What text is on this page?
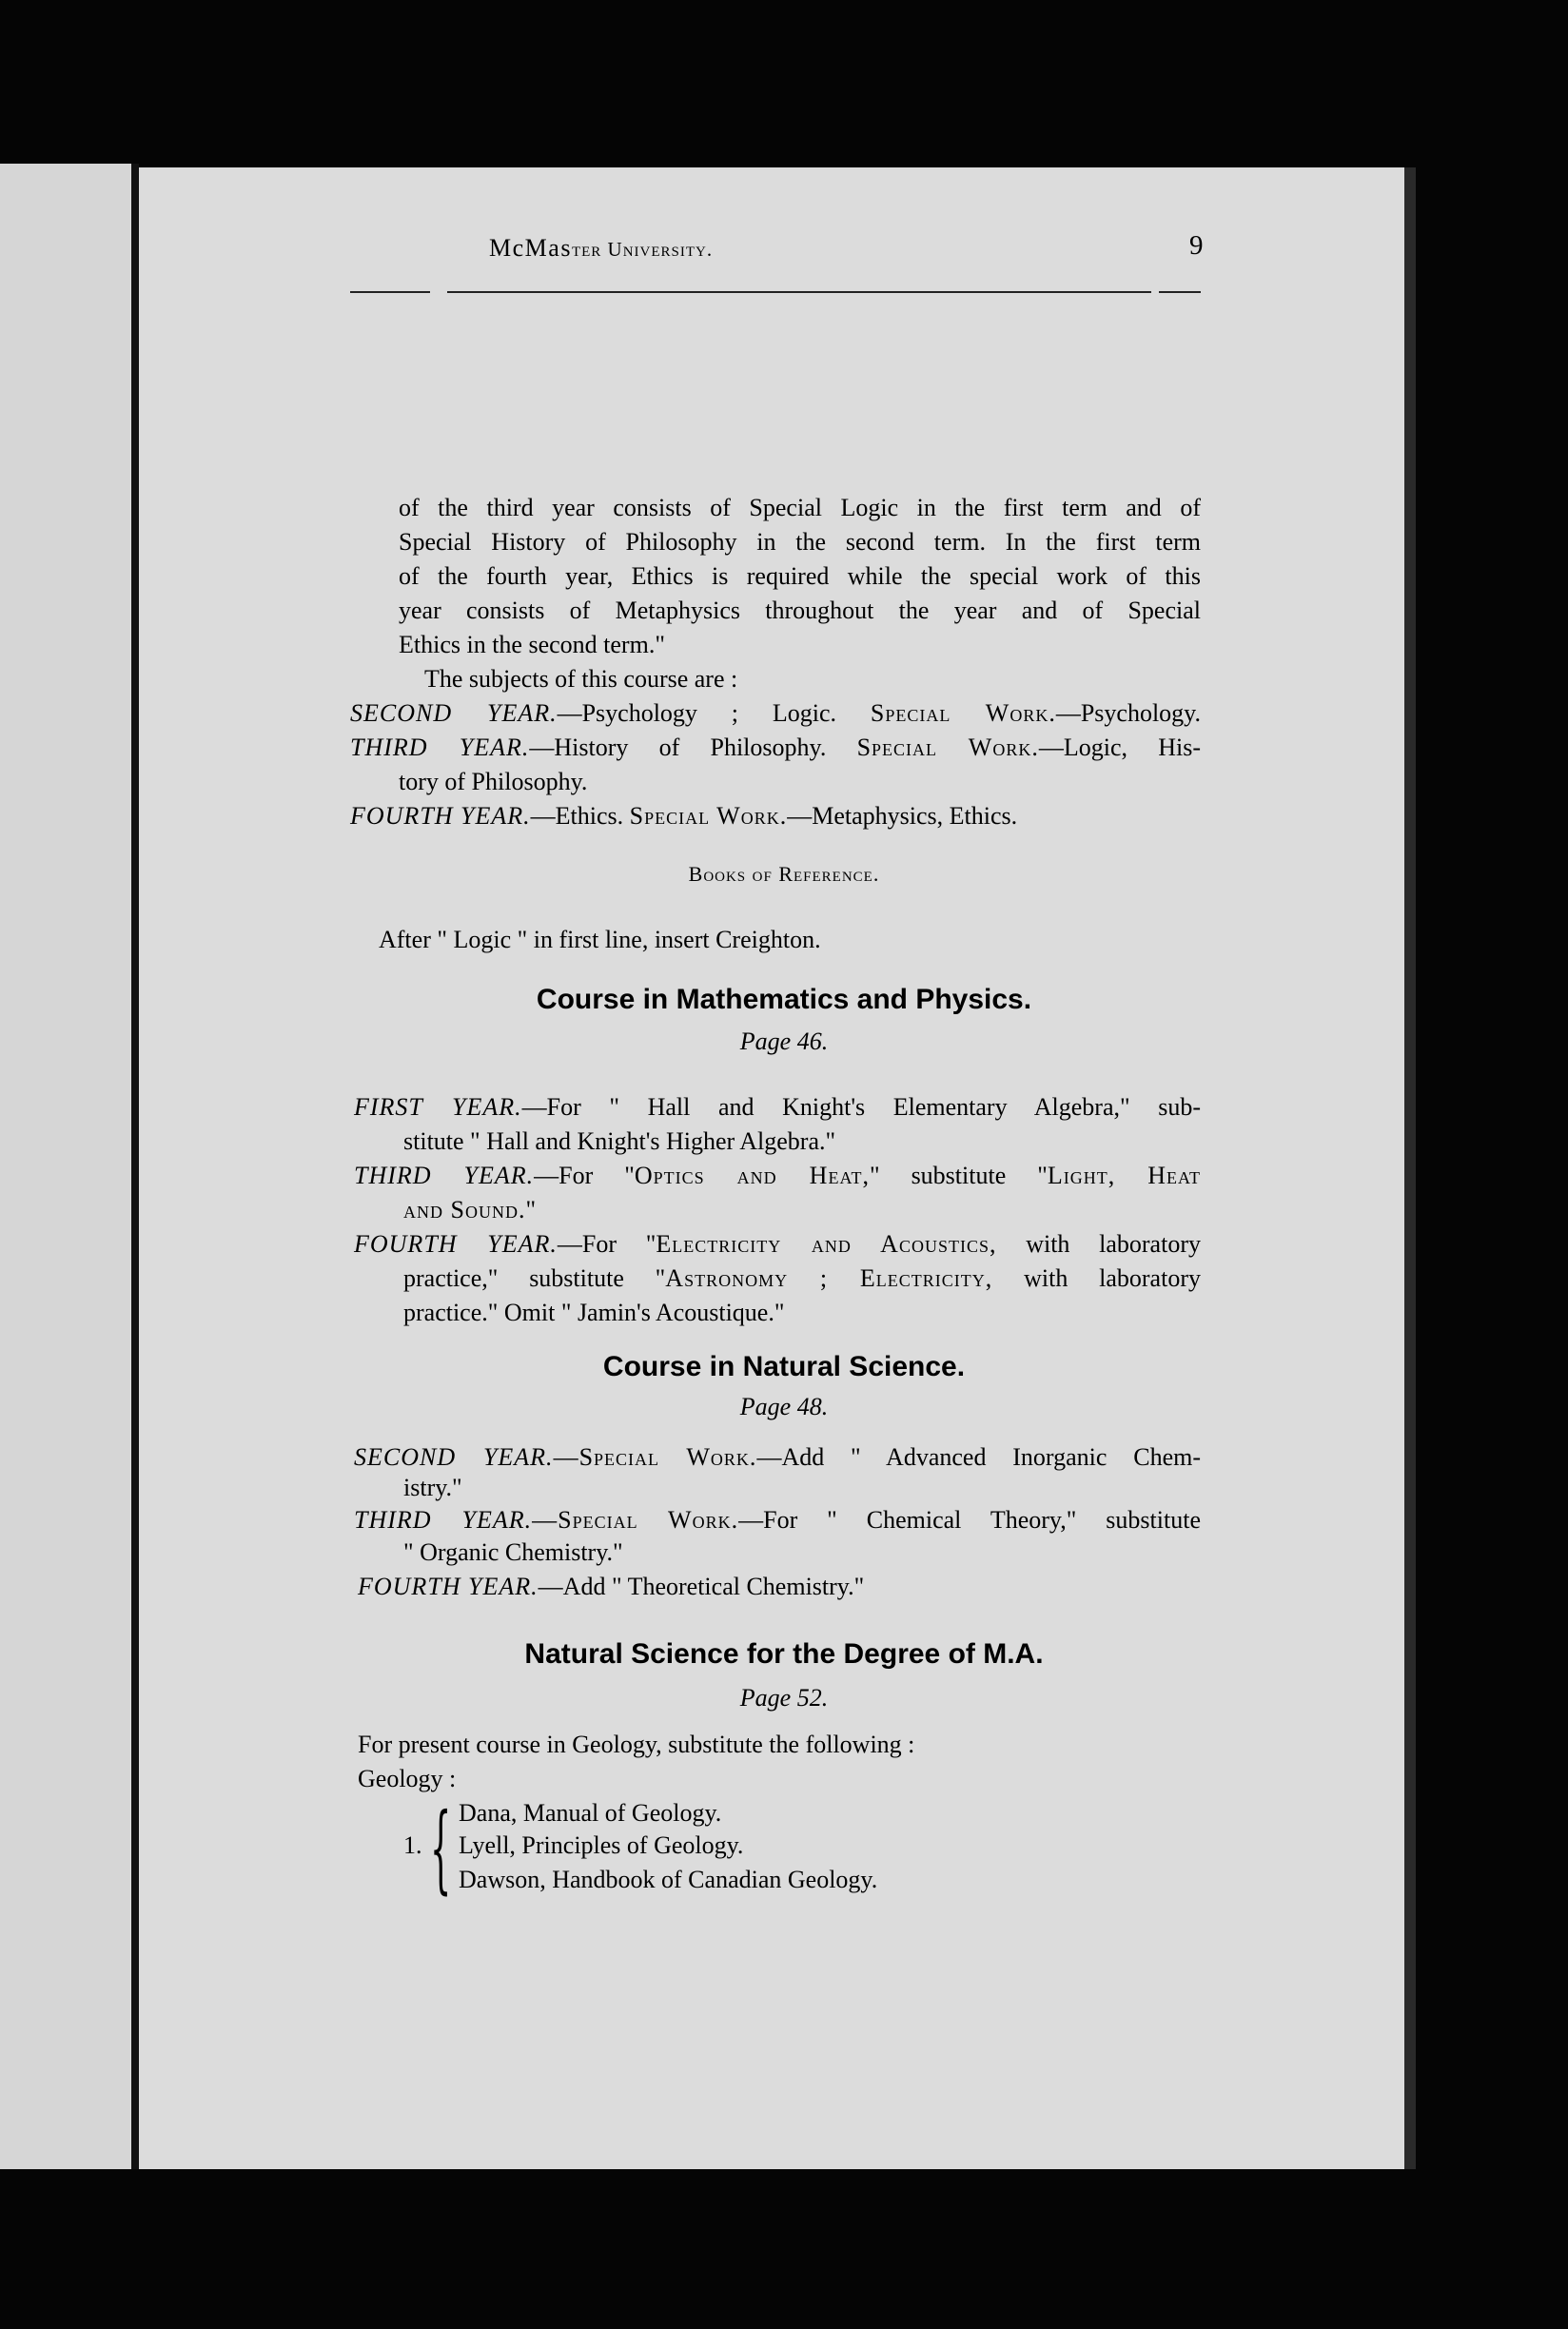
McMaster University.	9
of the third year consists of Special Logic in the first term and of
Special History of Philosophy in the second term. In the first term
of the fourth year, Ethics is required while the special work of this
year consists of Metaphysics throughout the year and of Special
Ethics in the second term."
The subjects of this course are :
SECOND YEAR.—Psychology ; Logic. Special Work.—Psychology.
THIRD YEAR.—History of Philosophy. Special Work.—Logic, His-
tory of Philosophy.
FOURTH YEAR.—Ethics. Special Work.—Metaphysics, Ethics.
Books of Reference.
After " Logic " in first line, insert Creighton.
Course in Mathematics and Physics.
Page 46.
FIRST YEAR.—For " Hall and Knight's Elementary Algebra," sub-
stitute " Hall and Knight's Higher Algebra."
THIRD YEAR.—For "Optics and Heat," substitute "Light, Heat
and Sound."
FOURTH YEAR.—For "Electricity and Acoustics, with laboratory
practice," substitute "Astronomy ; Electricity, with laboratory
practice." Omit " Jamin's Acoustique."
Course in Natural Science.
Page 48.
SECOND YEAR.—Special Work.—Add " Advanced Inorganic Chem-
istry."
THIRD YEAR.—Special Work.—For " Chemical Theory," substitute
" Organic Chemistry."
FOURTH YEAR.—Add " Theoretical Chemistry."
Natural Science for the Degree of M.A.
Page 52.
For present course in Geology, substitute the following :
Geology :
1. { Dana, Manual of Geology.
Lyell, Principles of Geology.
Dawson, Handbook of Canadian Geology.
